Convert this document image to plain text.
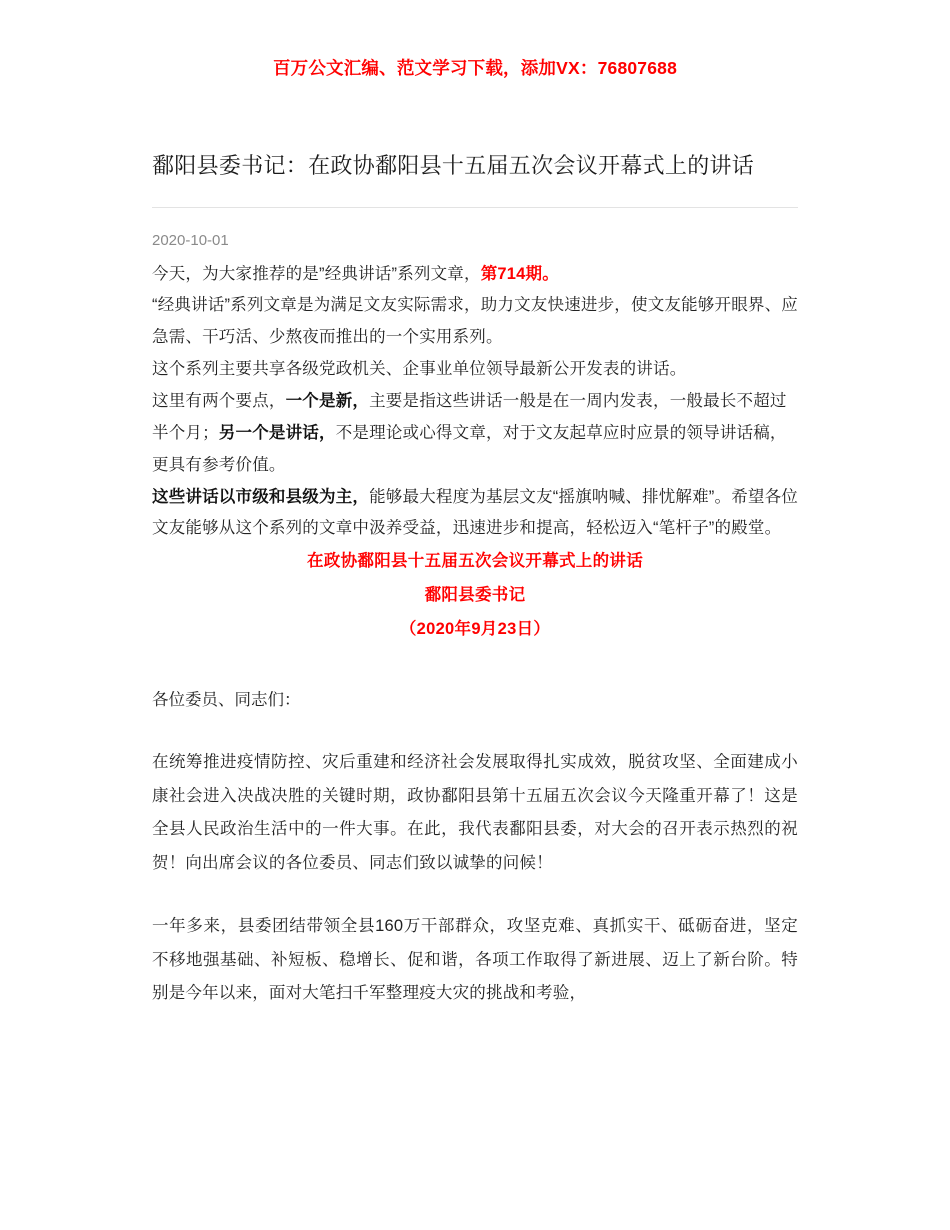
百万公文汇编、范文学习下载，添加VX：76807688
鄱阳县委书记：在政协鄱阳县十五届五次会议开幕式上的讲话
2020-10-01

今天，为大家推荐的是”经典讲话”系列文章，第714期。

“经典讲话”系列文章是为满足文友实际需求，助力文友快速进步，使文友能够开眼界、应急需、干巧活、少熬夜而推出的一个实用系列。

这个系列主要共享各级党政机关、企事业单位领导最新公开发表的讲话。

这里有两个要点，一个是新，主要是指这些讲话一般是在一周内发表，一般最长不超过半个月；另一个是讲话，不是理论或心得文章，对于文友起草应时应景的领导讲话稿，更具有参考价值。

这些讲话以市级和县级为主，能够最大程度为基层文友“摇旗呐喊、排忧解难”。希望各位文友能够从这个系列的文章中汲养受益，迅速进步和提高，轻松迈入“笔杆子”的殿堂。

在政协鄱阳县十五届五次会议开幕式上的讲话
鄱阳县委书记
（2020年9月23日）
各位委员、同志们：

在统筹推进疫情防控、灾后重建和经济社会发展取得扎实成效，脱贫攻坚、全面建成小康社会进入决战决胜的关键时期，政协鄱阳县第十五届五次会议今天隆重开幕了！这是全县人民政治生活中的一件大事。在此，我代表鄱阳县委，对大会的召开表示热烈的祝贺！向出席会议的各位委员、同志们致以诚挚的问候！

一年多来，县委团结带领全县160万干部群众，攻坚克难、真抓实干、砥砺奋进，坚定不移地强基础、补短板、稳增长、促和谐，各项工作取得了新进展、迈上了新台阶。特别是今年以来，面对大笔扫千军整理疫大灾的挑战和考验，
